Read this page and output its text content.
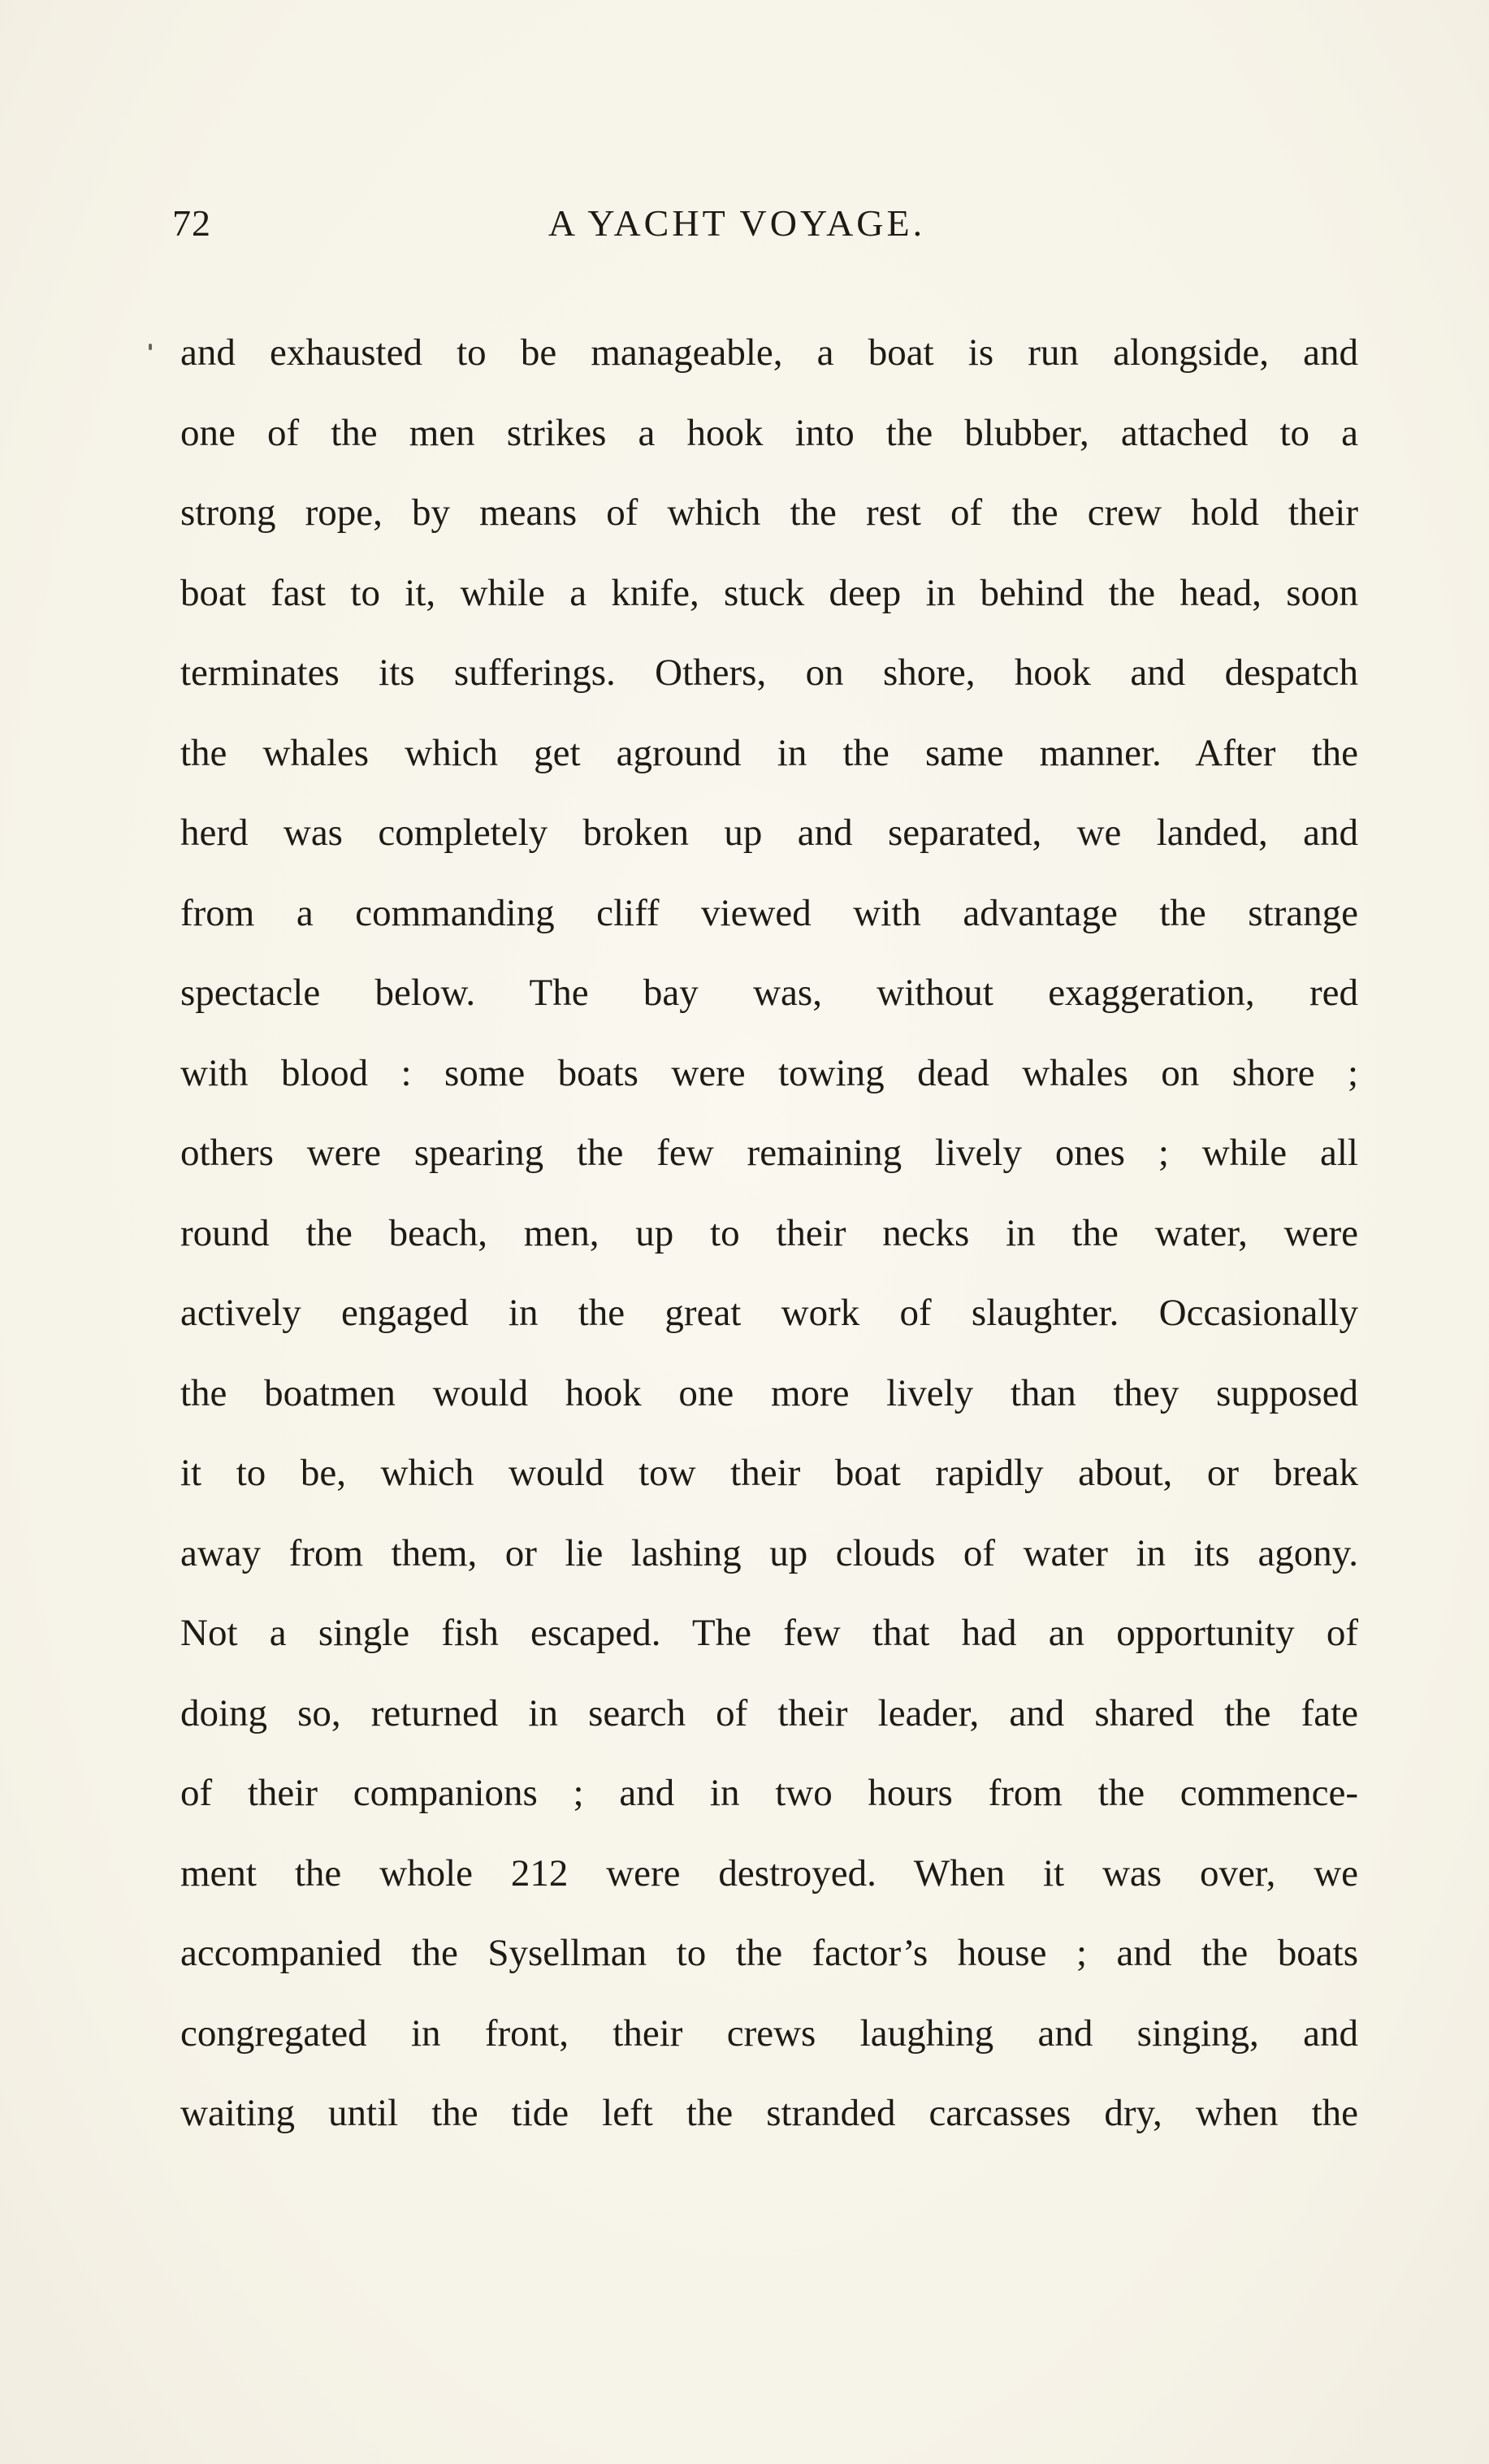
72	A YACHT VOYAGE.
and exhausted to be manageable, a boat is run alongside, and
one of the men strikes a hook into the blubber, attached to a
strong rope, by means of which the rest of the crew hold their
boat fast to it, while a knife, stuck deep in behind the head, soon
terminates its sufferings. Others, on shore, hook and despatch
the whales which get aground in the same manner. After the
herd was completely broken up and separated, we landed, and
from a commanding cliff viewed with advantage the strange
spectacle below. The bay was, without exaggeration, red
with blood : some boats were towing dead whales on shore ;
others were spearing the few remaining lively ones ; while all
round the beach, men, up to their necks in the water, were
actively engaged in the great work of slaughter. Occasionally
the boatmen would hook one more lively than they supposed
it to be, which would tow their boat rapidly about, or break
away from them, or lie lashing up clouds of water in its agony.
Not a single fish escaped. The few that had an opportunity of
doing so, returned in search of their leader, and shared the fate
of their companions ; and in two hours from the commence-
ment the whole 212 were destroyed. When it was over, we
accompanied the Sysellman to the factor’s house ; and the boats
congregated in front, their crews laughing and singing, and
waiting until the tide left the stranded carcasses dry, when the
